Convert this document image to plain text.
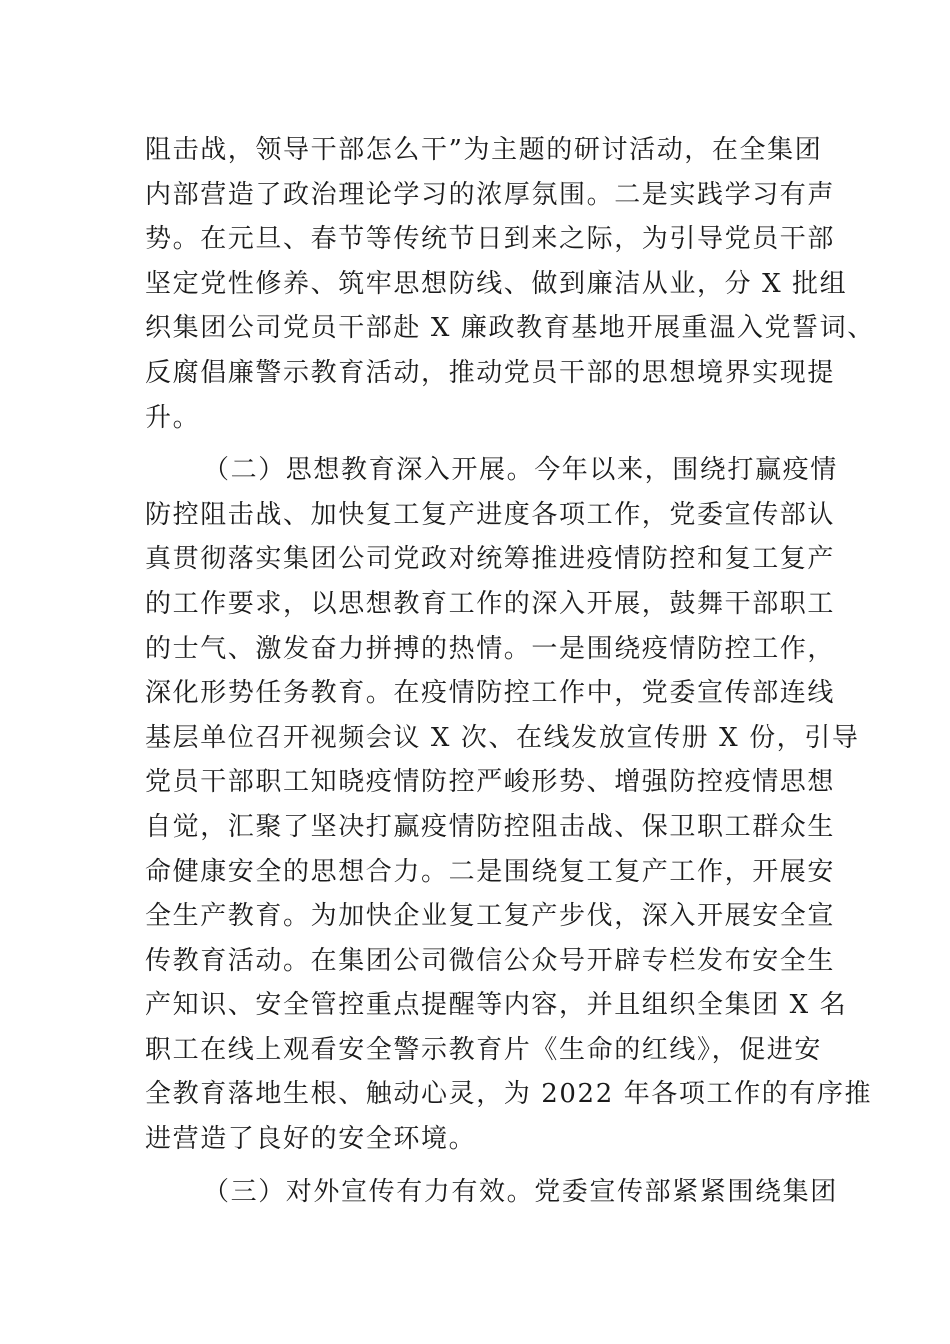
阻击战，领导干部怎么干”为主题的研讨活动，在全集团
内部营造了政治理论学习的浓厚氛围。二是实践学习有声
势。在元旦、春节等传统节日到来之际，为引导党员干部
坚定党性修养、筑牢思想防线、做到廉洁从业，分 X 批组
织集团公司党员干部赴 X 廉政教育基地开展重温入党誓词、
反腐倡廉警示教育活动，推动党员干部的思想境界实现提
升。
（二）思想教育深入开展。今年以来，围绕打赢疫情
防控阻击战、加快复工复产进度各项工作，党委宣传部认
真贯彻落实集团公司党政对统筹推进疫情防控和复工复产
的工作要求，以思想教育工作的深入开展，鼓舞干部职工
的士气、激发奋力拼搏的热情。一是围绕疫情防控工作，
深化形势任务教育。在疫情防控工作中，党委宣传部连线
基层单位召开视频会议 X 次、在线发放宣传册 X 份，引导
党员干部职工知晓疫情防控严峻形势、增强防控疫情思想
自觉，汇聚了坚决打赢疫情防控阻击战、保卫职工群众生
命健康安全的思想合力。二是围绕复工复产工作，开展安
全生产教育。为加快企业复工复产步伐，深入开展安全宣
传教育活动。在集团公司微信公众号开辟专栏发布安全生
产知识、安全管控重点提醒等内容，并且组织全集团 X 名
职工在线上观看安全警示教育片《生命的红线》，促进安
全教育落地生根、触动心灵，为 2022 年各项工作的有序推
进营造了良好的安全环境。
（三）对外宣传有力有效。党委宣传部紧紧围绕集团
